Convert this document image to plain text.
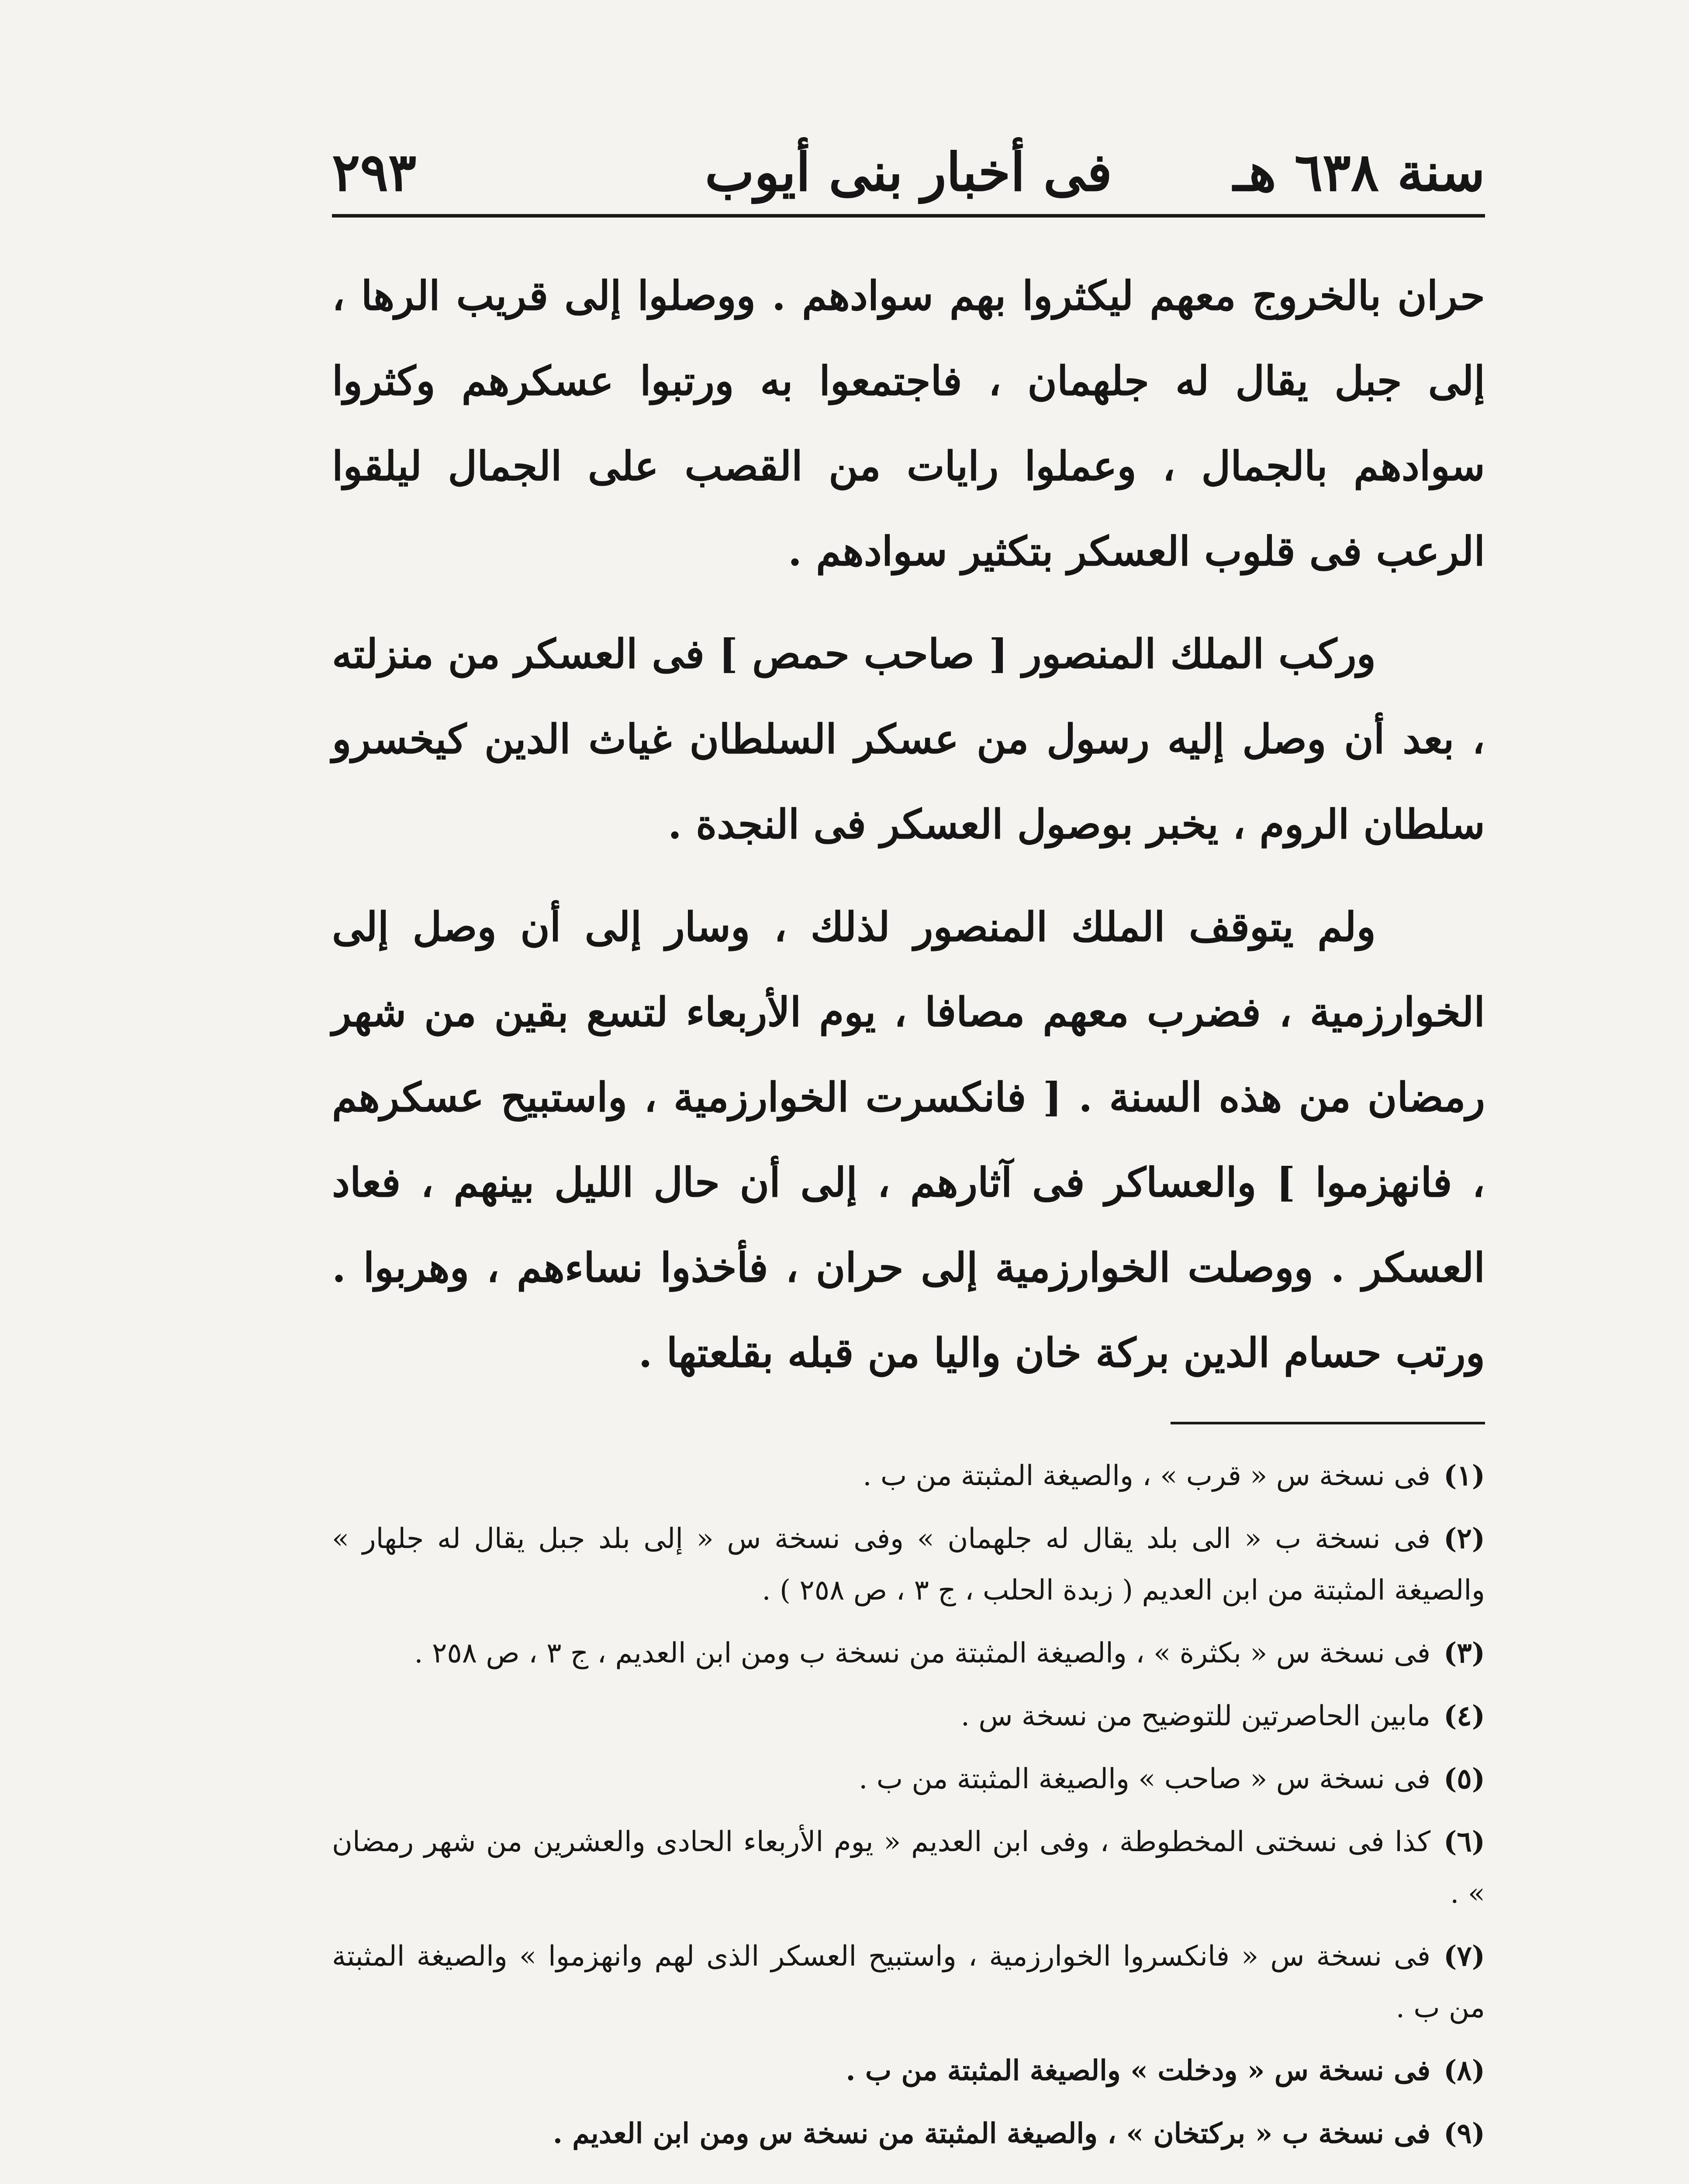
سنة ٦٣٨ هـ
فى أخبار بنى أيوب
٢٩٣

حران بالخروج معهم ليكثروا بهم سوادهم . ووصلوا إلى قريب الرها ، إلى جبل يقال له جلهمان ، فاجتمعوا به ورتبوا عسكرهم وكثروا سوادهم بالجمال ، وعملوا رايات من القصب على الجمال ليلقوا الرعب فى قلوب العسكر بتكثير سوادهم .

وركب الملك المنصور [ صاحب حمص ] فى العسكر من منزلته ، بعد أن وصل إليه رسول من عسكر السلطان غياث الدين كيخسرو سلطان الروم ، يخبر بوصول العسكر فى النجدة .

ولم يتوقف الملك المنصور لذلك ، وسار إلى أن وصل إلى الخوارزمية ، فضرب معهم مصافا ، يوم الأربعاء لتسع بقين من شهر رمضان من هذه السنة . [ فانكسرت الخوارزمية ، واستبيح عسكرهم ، فانهزموا ] والعساكر فى آثارهم ، إلى أن حال الليل بينهم ، فعاد العسكر . ووصلت الخوارزمية إلى حران ، فأخذوا نساءهم ، وهربوا . ورتب حسام الدين بركة خان واليا من قبله بقلعتها .

(١)فى نسخة س « قرب » ، والصيغة المثبتة من ب .

(٢)فى نسخة ب « الى بلد يقال له جلهمان » وفى نسخة س « إلى بلد جبل يقال له جلهار » والصيغة المثبتة من ابن العديم ( زبدة الحلب ، ج ٣ ، ص ٢٥٨ ) .

(٣)فى نسخة س « بكثرة » ، والصيغة المثبتة من نسخة ب ومن ابن العديم ، ج ٣ ، ص ٢٥٨ .

(٤)مابين الحاصرتين للتوضيح من نسخة س .

(٥)فى نسخة س « صاحب » والصيغة المثبتة من ب .

(٦)كذا فى نسختى المخطوطة ، وفى ابن العديم « يوم الأربعاء الحادى والعشرين من شهر رمضان » .

(٧)فى نسخة س « فانكسروا الخوارزمية ، واستبيح العسكر الذى لهم وانهزموا » والصيغة المثبتة من ب .

(٨)فى نسخة س « ودخلت » والصيغة المثبتة من ب .

(٩)فى نسخة ب « بركتخان » ، والصيغة المثبتة من نسخة س ومن ابن العديم .
